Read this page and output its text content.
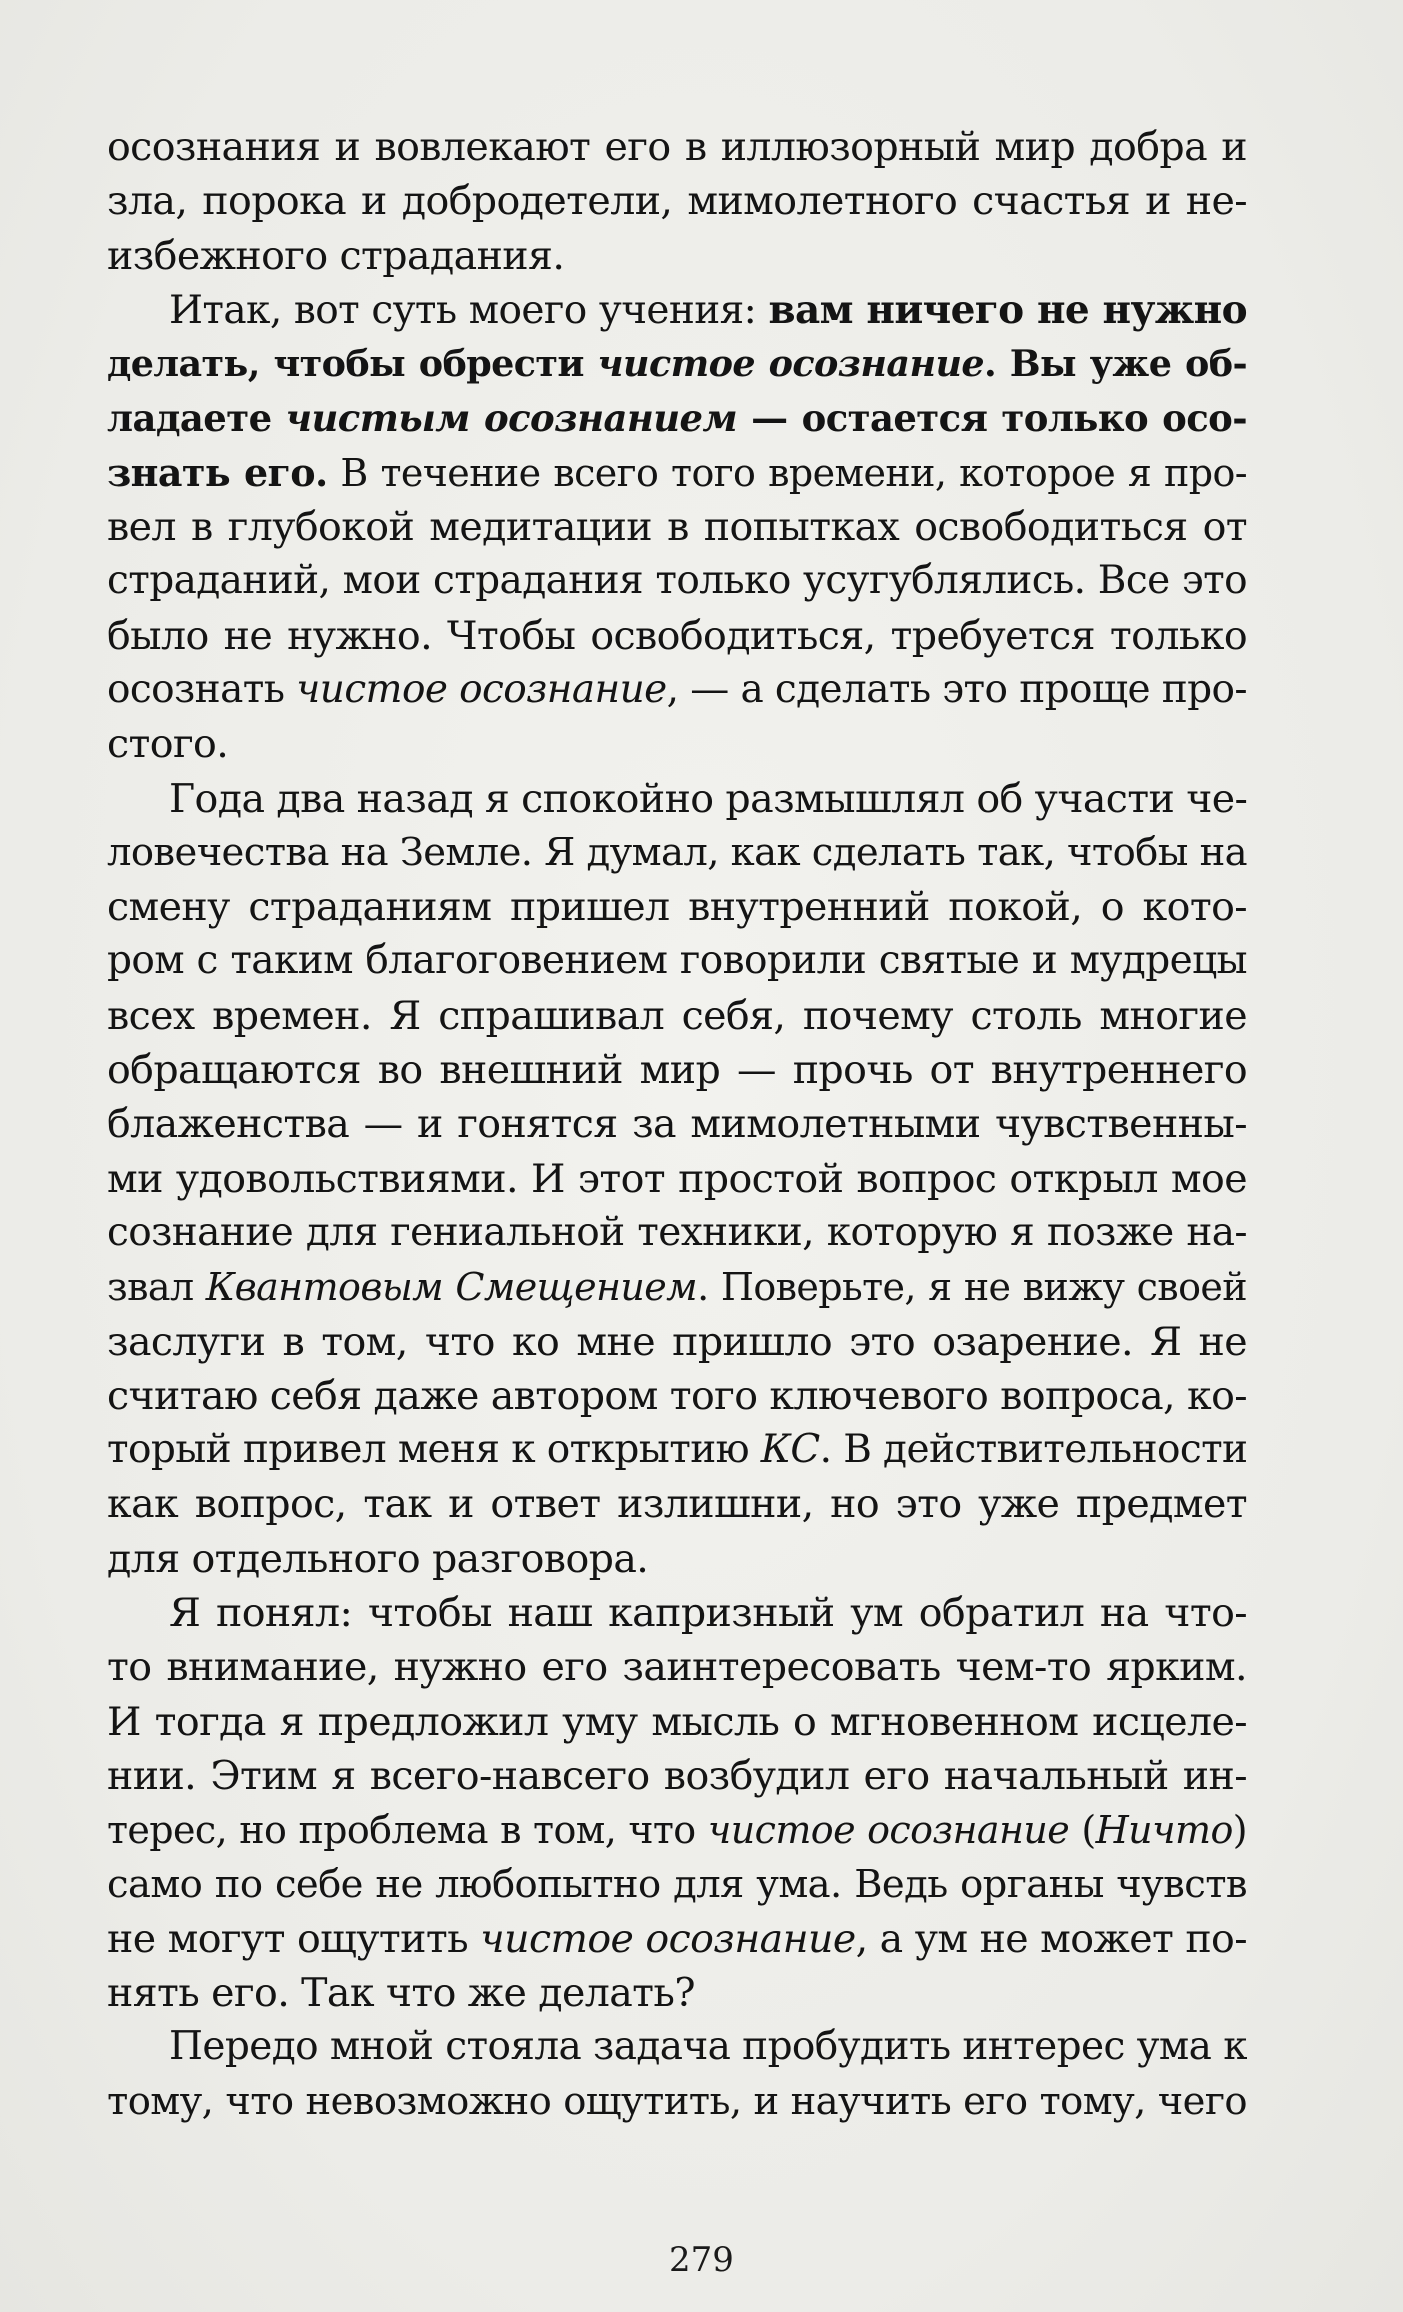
осознания и вовлекают его в иллюзорный мир добра и
зла, порока и добродетели, мимолетного счастья и не-
избежного страдания.
Итак, вот суть моего учения: вам ничего не нужно
делать, чтобы обрести чистое осознание. Вы уже об-
ладаете чистым осознанием — остается только осо-
знать его. В течение всего того времени, которое я про-
вел в глубокой медитации в попытках освободиться от
страданий, мои страдания только усугублялись. Все это
было не нужно. Чтобы освободиться, требуется только
осознать чистое осознание, — а сделать это проще про-
стого.
Года два назад я спокойно размышлял об участи че-
ловечества на Земле. Я думал, как сделать так, чтобы на
смену страданиям пришел внутренний покой, о кото-
ром с таким благоговением говорили святые и мудрецы
всех времен. Я спрашивал себя, почему столь многие
обращаются во внешний мир — прочь от внутреннего
блаженства — и гонятся за мимолетными чувственны-
ми удовольствиями. И этот простой вопрос открыл мое
сознание для гениальной техники, которую я позже на-
звал Квантовым Смещением. Поверьте, я не вижу своей
заслуги в том, что ко мне пришло это озарение. Я не
считаю себя даже автором того ключевого вопроса, ко-
торый привел меня к открытию КС. В действительности
как вопрос, так и ответ излишни, но это уже предмет
для отдельного разговора.
Я понял: чтобы наш капризный ум обратил на что-
то внимание, нужно его заинтересовать чем-то ярким.
И тогда я предложил уму мысль о мгновенном исцеле-
нии. Этим я всего-навсего возбудил его начальный ин-
терес, но проблема в том, что чистое осознание (Ничто)
само по себе не любопытно для ума. Ведь органы чувств
не могут ощутить чистое осознание, а ум не может по-
нять его. Так что же делать?
Передо мной стояла задача пробудить интерес ума к
тому, что невозможно ощутить, и научить его тому, чего
279
